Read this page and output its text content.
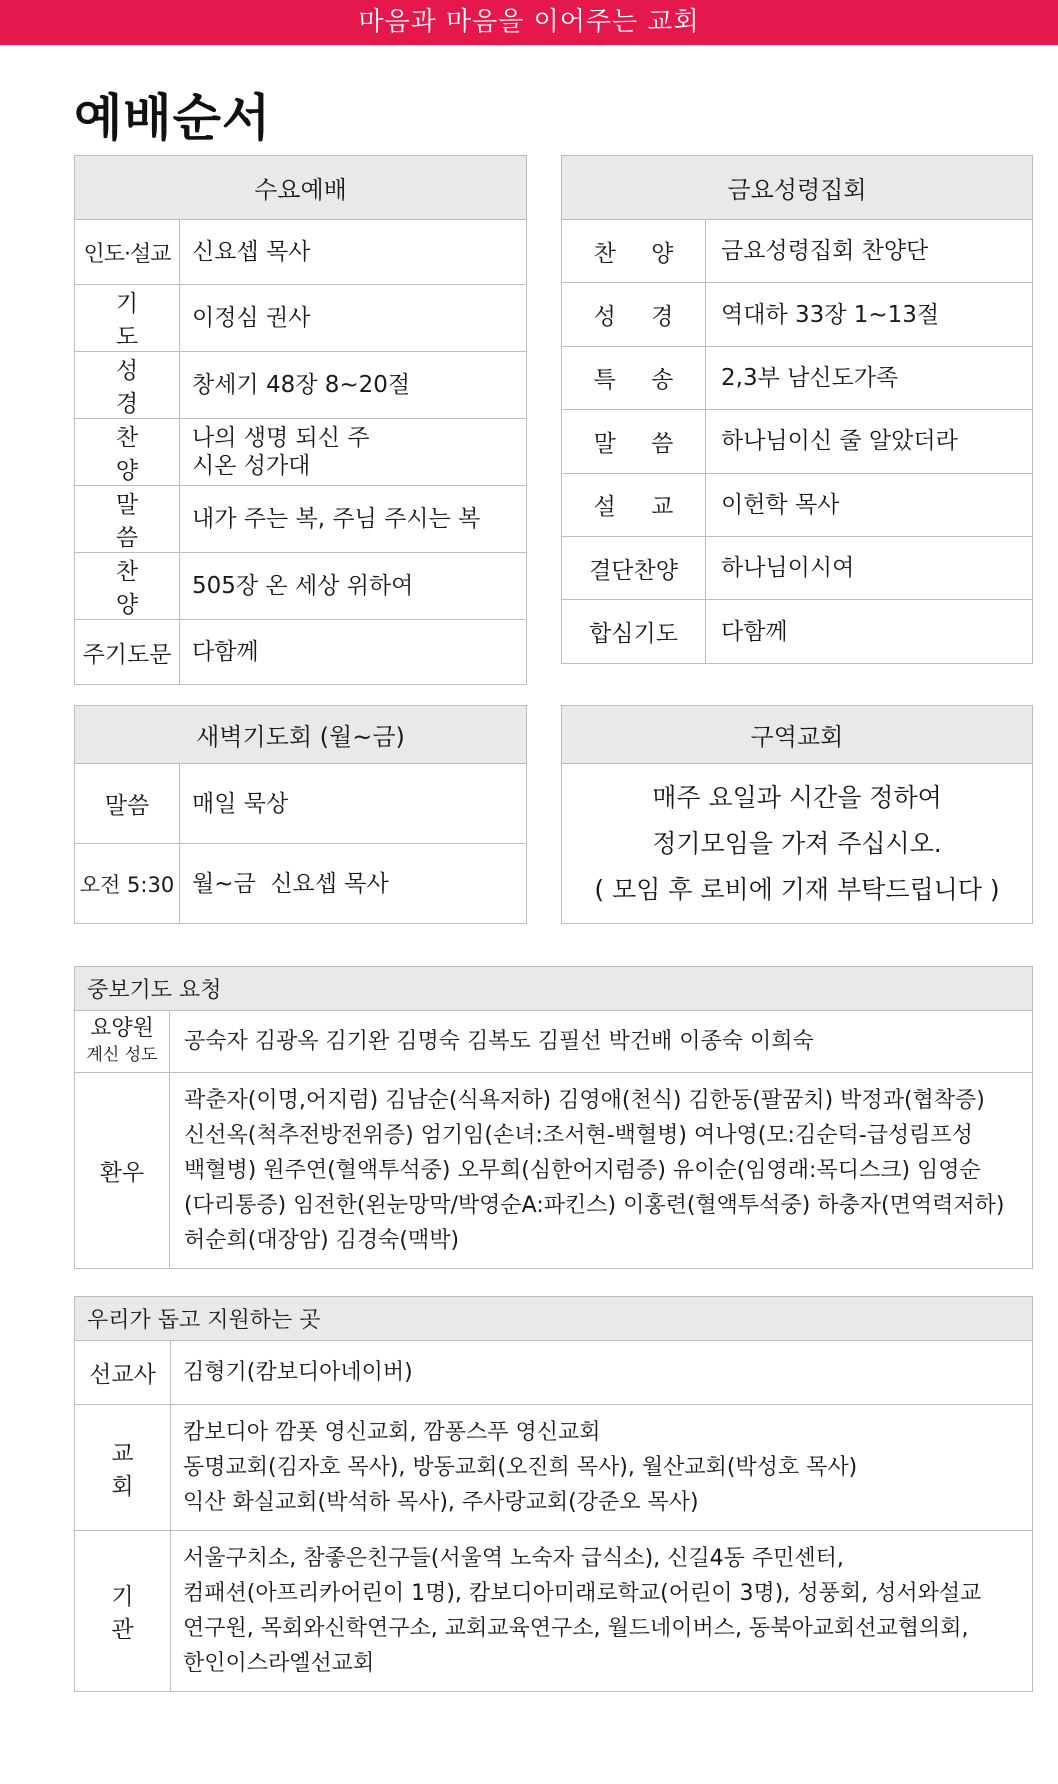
마음과 마음을 이어주는 교회
예배순서
수요예배	
인도·설교	신요셉 목사
기 도	이정심 권사
성 경	창세기 48장 8~20절
찬 양	나의 생명 되신 주
시온 성가대

말 씀	내가 주는 복, 주님 주시는 복
찬 양	505장 온 세상 위하여
주기도문	다함께
금요성령집회	
찬 양	금요성령집회 찬양단
성 경	역대하 33장 1~13절
특 송	2,3부 남신도가족
말 씀	하나님이신 줄 알았더라
설 교	이헌학 목사
결단찬양	하나님이시여
합심기도	다함께
새벽기도회 (월~금)	
말씀	매일 묵상
오전 5:30	월~금  신요셉 목사
구역교회

매주 요일과 시간을 정하여
정기모임을 가져 주십시오.
( 모임 후 로비에 기재 부탁드립니다 )
중보기도 요청	

요양원
계신 성도	공숙자 김광옥 김기완 김명숙 김복도 김필선 박건배 이종숙 이희숙
환우	곽춘자(이명,어지럼) 김남순(식욕저하) 김영애(천식) 김한동(팔꿈치) 박정과(협착증)
신선옥(척추전방전위증) 엄기임(손녀:조서현-백혈병) 여나영(모:김순덕-급성림프성
백혈병) 원주연(혈액투석중) 오무희(심한어지럼증) 유이순(임영래:목디스크) 임영순
(다리통증) 임전한(왼눈망막/박영순A:파킨스) 이홍련(혈액투석중) 하충자(면역력저하)
허순희(대장암) 김경숙(맥박)
우리가 돕고 지원하는 곳	
선교사	김형기(캄보디아네이버)
교 회	캄보디아 깜폿 영신교회, 깜퐁스푸 영신교회
동명교회(김자호 목사), 방동교회(오진희 목사), 월산교회(박성호 목사)
익산 화실교회(박석하 목사), 주사랑교회(강준오 목사)

기 관	서울구치소, 참좋은친구들(서울역 노숙자 급식소), 신길4동 주민센터,
컴패션(아프리카어린이 1명), 캄보디아미래로학교(어린이 3명), 성풍회, 성서와설교
연구원, 목회와신학연구소, 교회교육연구소, 월드네이버스, 동북아교회선교협의회,
한인이스라엘선교회
